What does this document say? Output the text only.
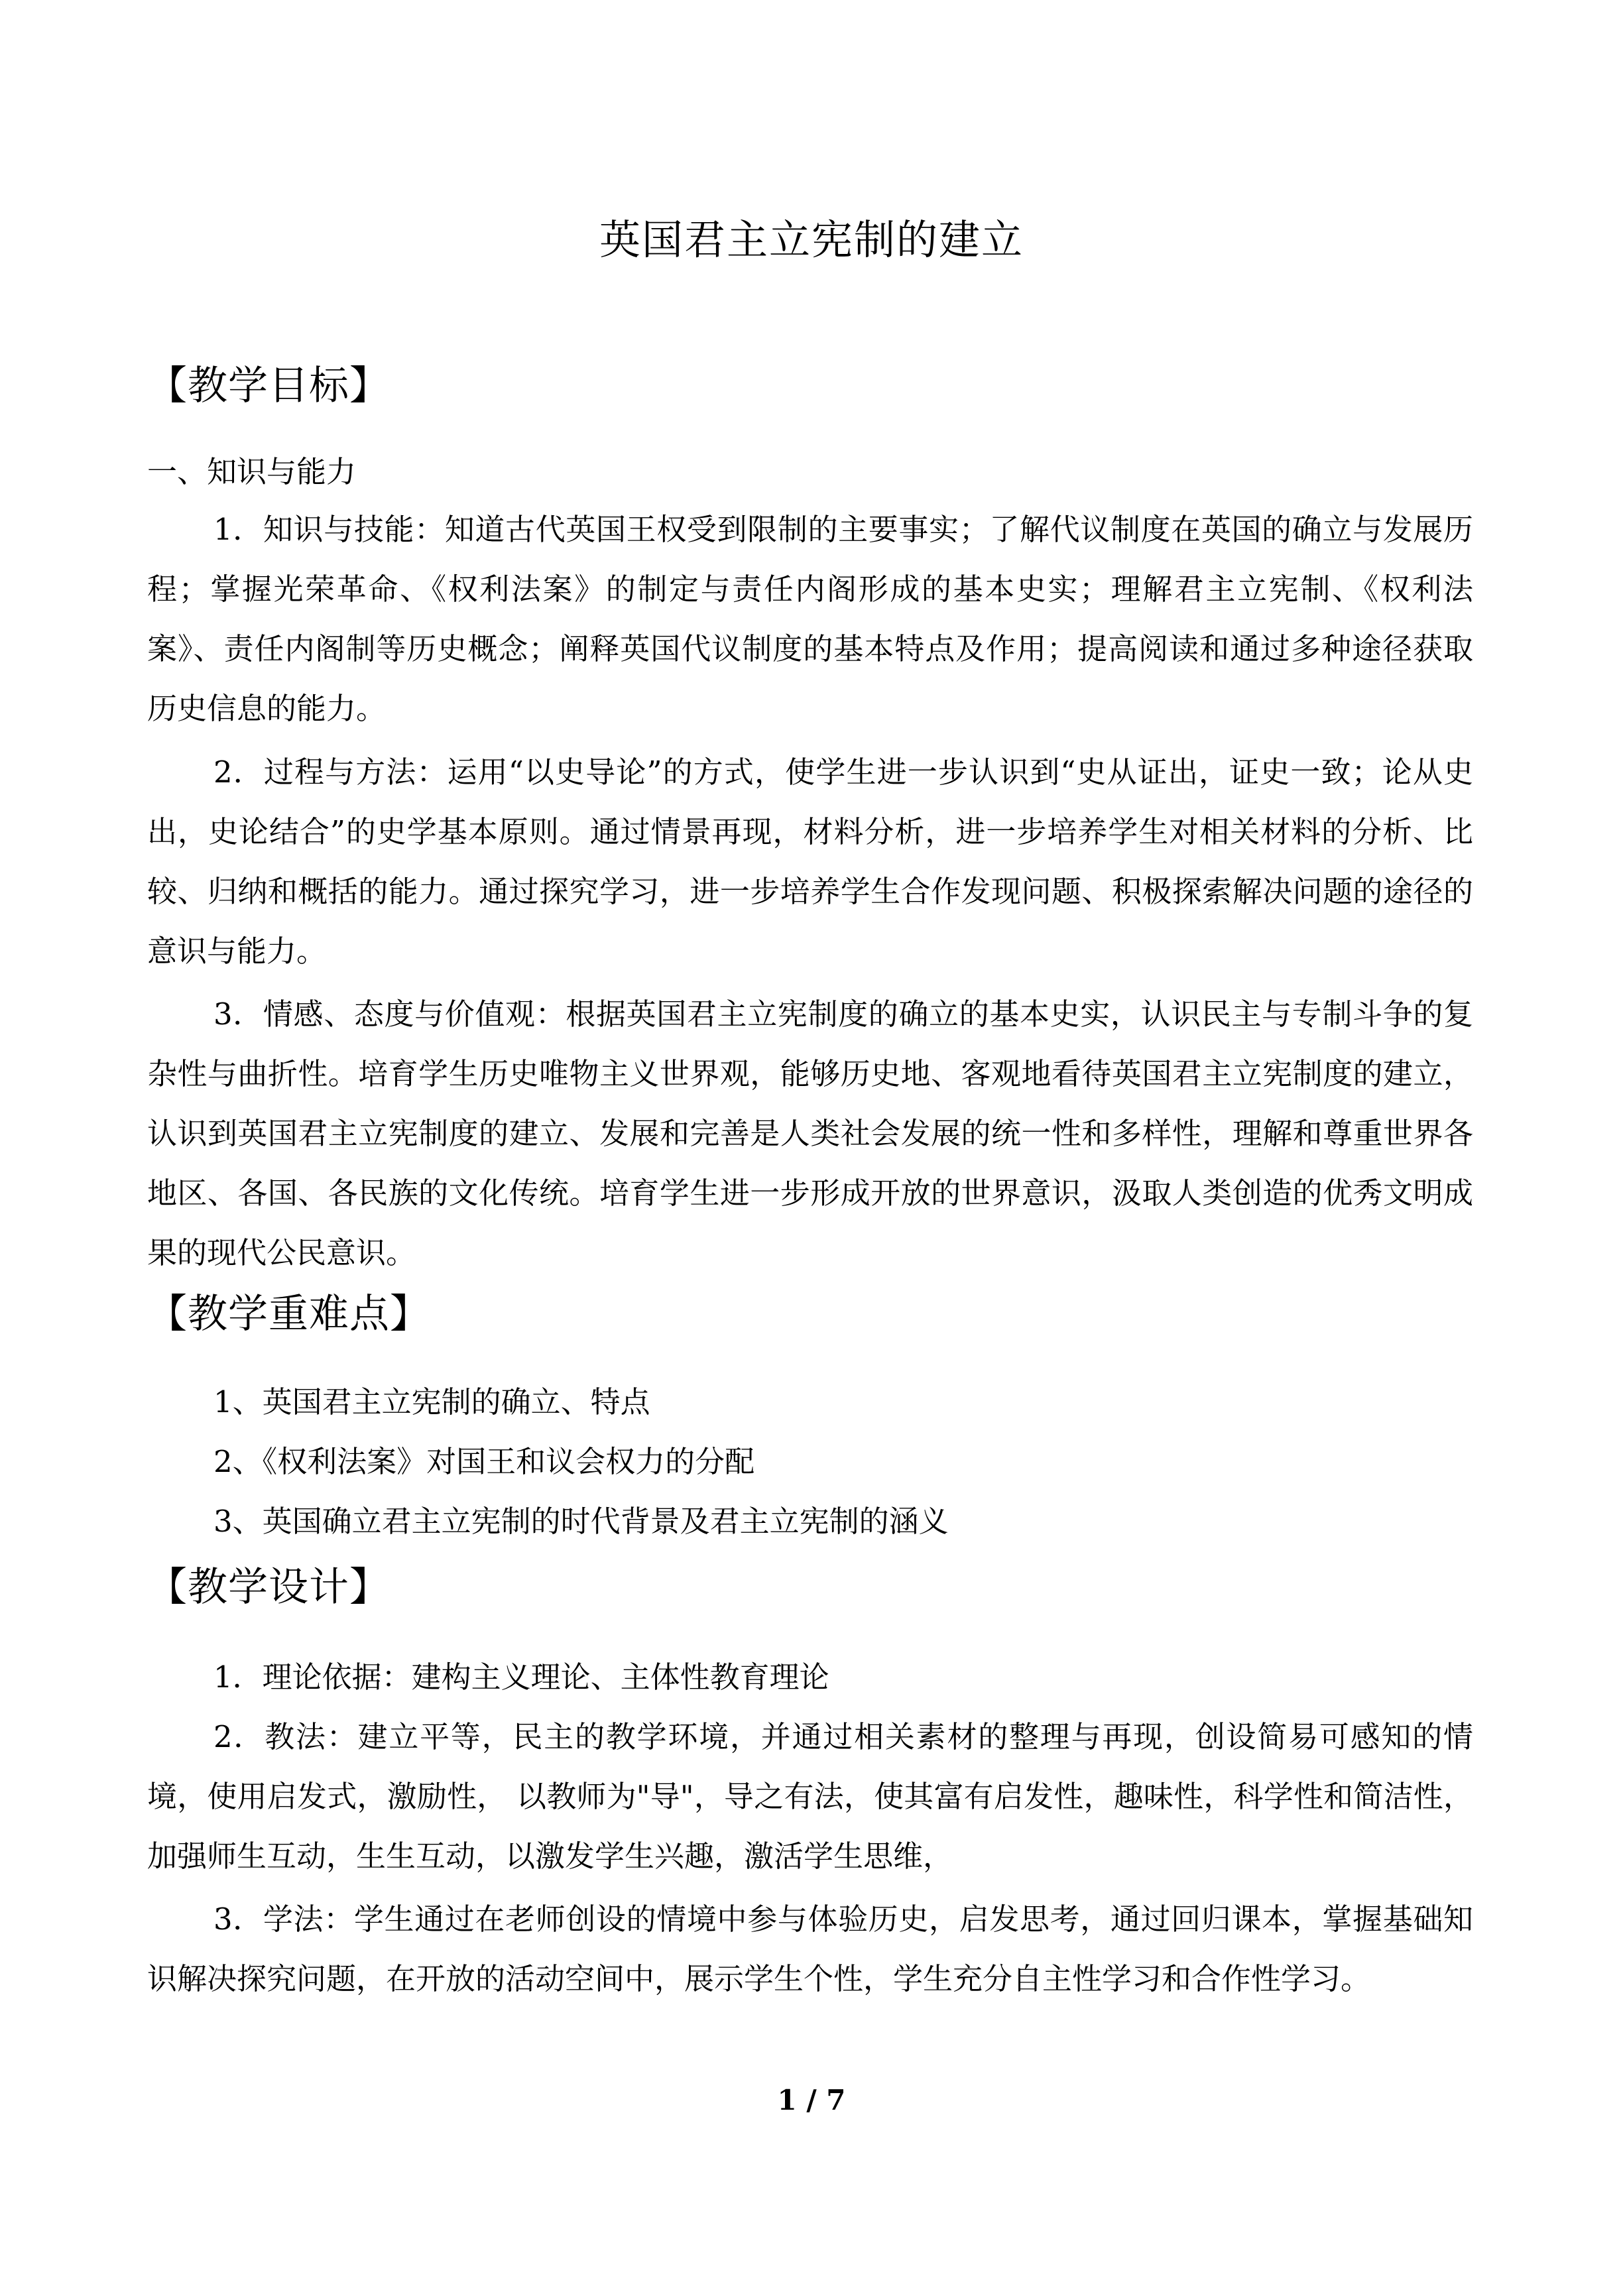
英国君主立宪制的建立
【教学目标】
一、知识与能力
1．知识与技能：知道古代英国王权受到限制的主要事实；了解代议制度在英国的确立与发展历程；掌握光荣革命、《权利法案》的制定与责任内阁形成的基本史实；理解君主立宪制、《权利法案》、责任内阁制等历史概念；阐释英国代议制度的基本特点及作用；提高阅读和通过多种途径获取历史信息的能力。
2．过程与方法：运用“以史导论”的方式，使学生进一步认识到“史从证出，证史一致；论从史出，史论结合”的史学基本原则。通过情景再现，材料分析，进一步培养学生对相关材料的分析、比较、归纳和概括的能力。通过探究学习，进一步培养学生合作发现问题、积极探索解决问题的途径的意识与能力。
3．情感、态度与价值观：根据英国君主立宪制度的确立的基本史实，认识民主与专制斗争的复杂性与曲折性。培育学生历史唯物主义世界观，能够历史地、客观地看待英国君主立宪制度的建立，认识到英国君主立宪制度的建立、发展和完善是人类社会发展的统一性和多样性，理解和尊重世界各地区、各国、各民族的文化传统。培育学生进一步形成开放的世界意识，汲取人类创造的优秀文明成果的现代公民意识。
【教学重难点】
1、英国君主立宪制的确立、特点
2、《权利法案》对国王和议会权力的分配
3、英国确立君主立宪制的时代背景及君主立宪制的涵义
【教学设计】
1．理论依据：建构主义理论、主体性教育理论
2．教法：建立平等，民主的教学环境，并通过相关素材的整理与再现，创设简易可感知的情境，使用启发式，激励性， 以教师为"导"，导之有法，使其富有启发性，趣味性，科学性和简洁性，加强师生互动，生生互动，以激发学生兴趣，激活学生思维，
3．学法：学生通过在老师创设的情境中参与体验历史，启发思考，通过回归课本，掌握基础知识解决探究问题，在开放的活动空间中，展示学生个性，学生充分自主性学习和合作性学习。
1 / 7
